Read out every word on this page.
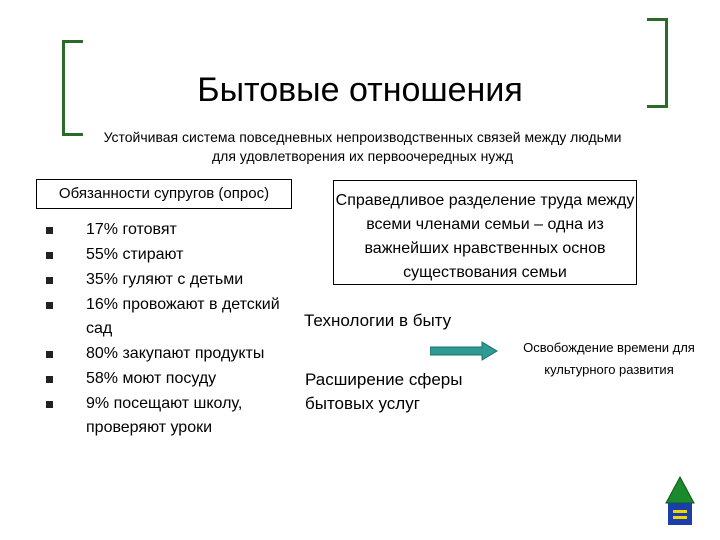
Бытовые отношения
Устойчивая система повседневных непроизводственных связей между людьми для удовлетворения их первоочередных нужд
Обязанности супругов (опрос)
17% готовят
55% стирают
35% гуляют с детьми
16% провожают в детский сад
80% закупают продукты
58% моют посуду
9% посещают школу, проверяют уроки
Справедливое разделение труда между всеми членами семьи – одна из важнейших нравственных основ существования семьи
Технологии в быту
Освобождение времени для культурного развития
Расширение сферы бытовых услуг
